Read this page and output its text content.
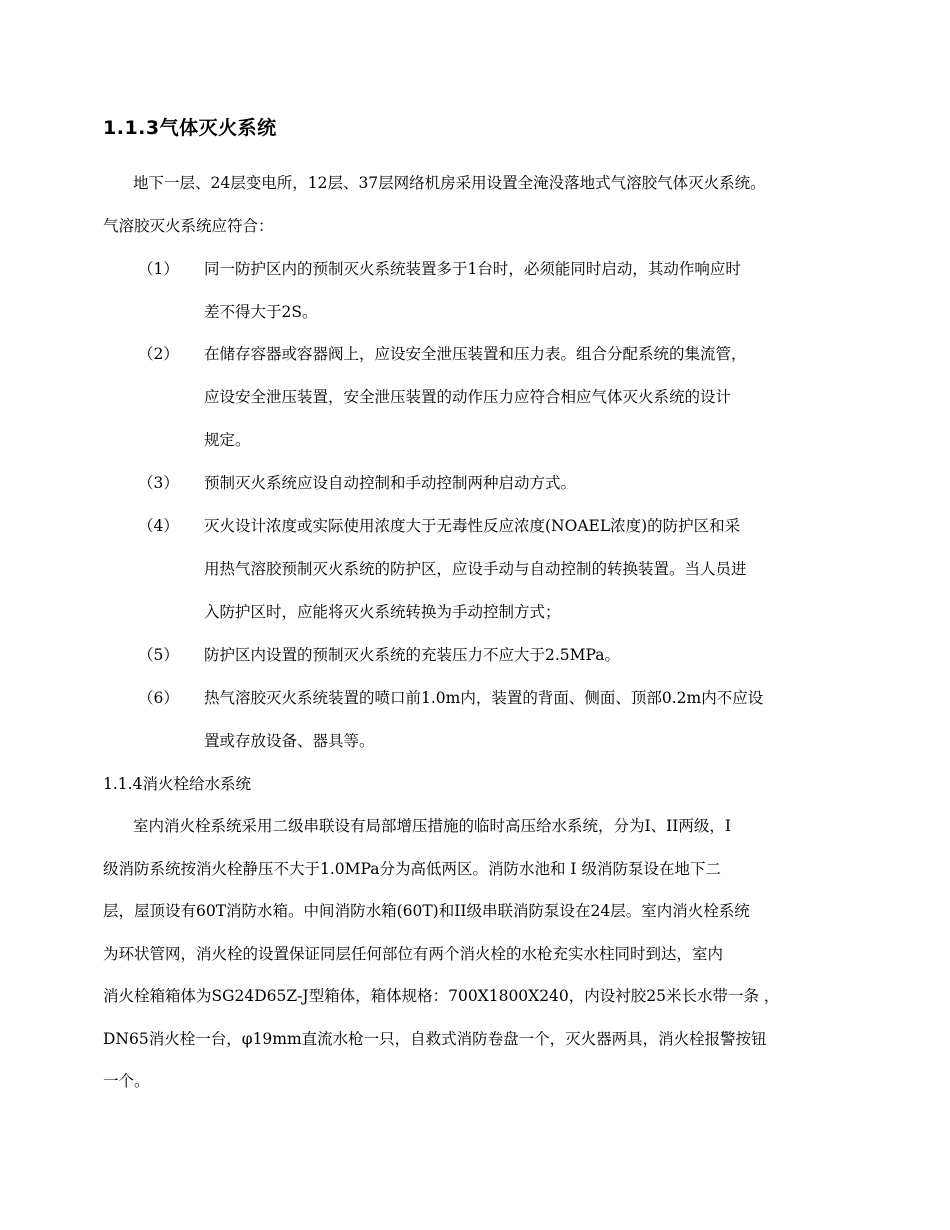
1.1.3气体灭火系统

地下一层、24层变电所，12层、37层网络机房采用设置全淹没落地式气溶胶气体灭火系统。
气溶胶灭火系统应符合：

（1） 同一防护区内的预制灭火系统装置多于1台时，必须能同时启动，其动作响应时
差不得大于2S。
（2） 在储存容器或容器阀上，应设安全泄压装置和压力表。组合分配系统的集流管，
应设安全泄压装置，安全泄压装置的动作压力应符合相应气体灭火系统的设计
规定。
（3） 预制灭火系统应设自动控制和手动控制两种启动方式。
（4） 灭火设计浓度或实际使用浓度大于无毒性反应浓度(NOAEL浓度)的防护区和采
用热气溶胶预制灭火系统的防护区，应设手动与自动控制的转换装置。当人员进
入防护区时，应能将灭火系统转换为手动控制方式；
（5） 防护区内设置的预制灭火系统的充装压力不应大于2.5MPa。
（6） 热气溶胶灭火系统装置的喷口前1.0m内，装置的背面、侧面、顶部0.2m内不应设
置或存放设备、器具等。
1.1.4消火栓给水系统

室内消火栓系统采用二级串联设有局部增压措施的临时高压给水系统，分为I、II两级，I
级消防系统按消火栓静压不大于1.0MPa分为高低两区。消防水池和 I 级消防泵设在地下二
层，屋顶设有60T消防水箱。中间消防水箱(60T)和II级串联消防泵设在24层。室内消火栓系统
为环状管网，消火栓的设置保证同层任何部位有两个消火栓的水枪充实水柱同时到达，室内
消火栓箱箱体为SG24D65Z-J型箱体，箱体规格：700X1800X240，内设衬胶25米长水带一条 ，
DN65消火栓一台，φ19mm直流水枪一只，自救式消防卷盘一个，灭火器两具，消火栓报警按钮
一个。
